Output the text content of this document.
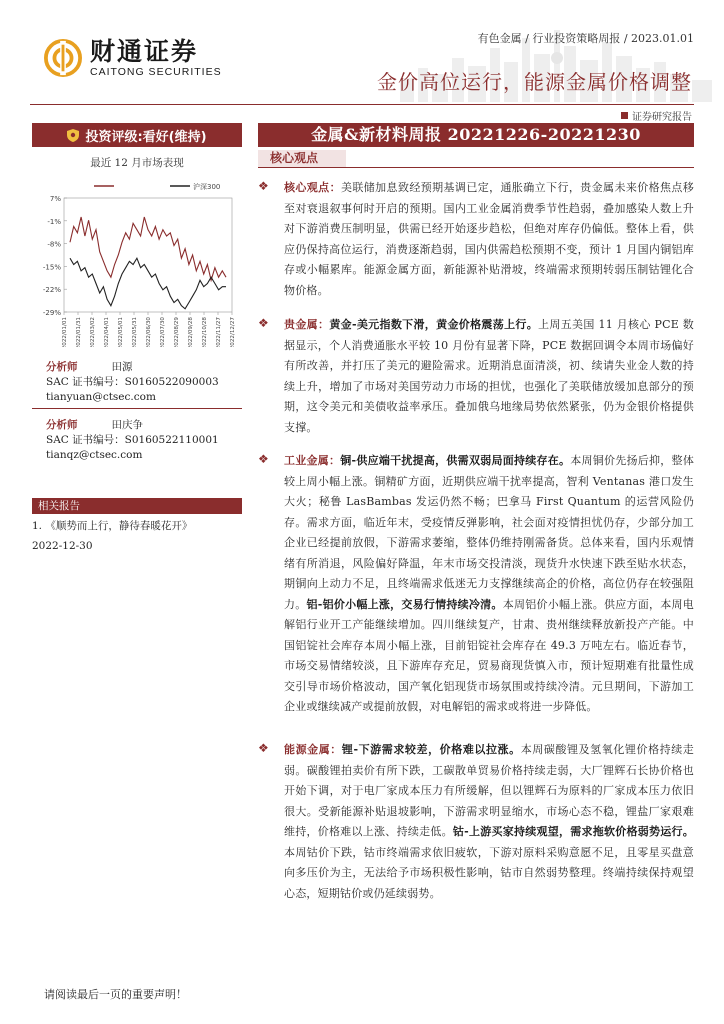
财通证券
CAITONG SECURITIES
有色金属 / 行业投资策略周报 / 2023.01.01
金价高位运行，能源金属价格调整
证券研究报告
投资评级:看好(维持)
最近 12 月市场表现
7%
-1%
-8%
-15%
-22%
-29%
2022/01/01 2022/01/31 2022/03/02 2022/04/01 2022/05/01 2022/05/31 2022/06/30 2022/07/30 2022/08/29 2022/09/28 2022/10/28 2022/11/27 2022/12/27
沪深300
分析师	田源
SAC 证书编号：S0160522090003
tianyuan@ctsec.com
分析师	田庆争
SAC 证书编号：S0160522110001
tianqz@ctsec.com
相关报告
1. 《顺势而上行，静待春暖花开》
2022-12-30
金属&新材料周报 20221226-20221230
核心观点
❖ 核心观点：美联储加息致经预期基调已定，通胀确立下行，贵金属未来价格焦点移至对衰退叙事何时开启的预期。国内工业金属消费季节性趋弱，叠加感染人数上升对下游消费压制明显，供需已经开始逐步趋松，但绝对库存仍偏低。整体上看，供应仍保持高位运行，消费逐渐趋弱，国内供需趋松预期不变，预计 1 月国内铜铝库存或小幅累库。能源金属方面，新能源补贴滑坡，终端需求预期转弱压制钴锂化合物价格。
❖ 贵金属：黄金-美元指数下滑，黄金价格震荡上行。上周五美国 11 月核心 PCE 数据显示，个人消费通胀水平较 10 月份有显著下降，PCE 数据回调令本周市场偏好有所改善，并打压了美元的避险需求。近期消息面清淡，初、续请失业金人数的持续上升，增加了市场对美国劳动力市场的担忧，也强化了美联储放缓加息部分的预期，这令美元和美债收益率承压。叠加俄乌地缘局势依然紧张，仍为金银价格提供支撑。
❖ 工业金属：铜-供应端干扰提高，供需双弱局面持续存在。本周铜价先扬后抑，整体较上周小幅上涨。铜精矿方面，近期供应端干扰率提高，智利 Ventanas 港口发生大火；秘鲁 LasBambas 发运仍然不畅；巴拿马 First Quantum 的运营风险仍存。需求方面，临近年末，受疫情反弹影响，社会面对疫情担忧仍存，少部分加工企业已经提前放假，下游需求萎缩，整体仍维持刚需备货。总体来看，国内乐观情绪有所消退，风险偏好降温，年末市场交投清淡，现货升水快速下跌至贴水状态，期铜向上动力不足，且终端需求低迷无力支撑继续高企的价格，高位仍存在较强阻力。铝-铝价小幅上涨，交易行情持续冷清。本周铝价小幅上涨。供应方面，本周电解铝行业开工产能继续增加。四川继续复产，甘肃、贵州继续释放新投产产能。中国铝锭社会库存本周小幅上涨，目前铝锭社会库存在 49.3 万吨左右。临近春节，市场交易情绪较淡，且下游库存充足，贸易商现货慎入市，预计短期难有批量性成交引导市场价格波动，国产氧化铝现货市场氛围或持续冷清。元旦期间，下游加工企业或继续减产或提前放假，对电解铝的需求或将进一步降低。
❖ 能源金属：锂-下游需求较差，价格难以拉涨。本周碳酸锂及氢氧化锂价格持续走弱。碳酸锂拍卖价有所下跌，工碳散单贸易价格持续走弱，大厂锂辉石长协价格也开始下调，对于电厂家成本压力有所缓解，但以锂辉石为原料的厂家成本压力依旧很大。受新能源补贴退坡影响，下游需求明显缩水，市场心态不稳，锂盐厂家艰难维持，价格难以上涨、持续走低。钴-上游买家持续观望，需求拖软价格弱势运行。本周钴价下跌，钴市终端需求依旧疲软，下游对原料采购意愿不足，且零星买盘意向多压价为主，无法给予市场积极性影响，钴市自然弱势整理。终端持续保持观望心态，短期钴价或仍延续弱势。
请阅读最后一页的重要声明！
